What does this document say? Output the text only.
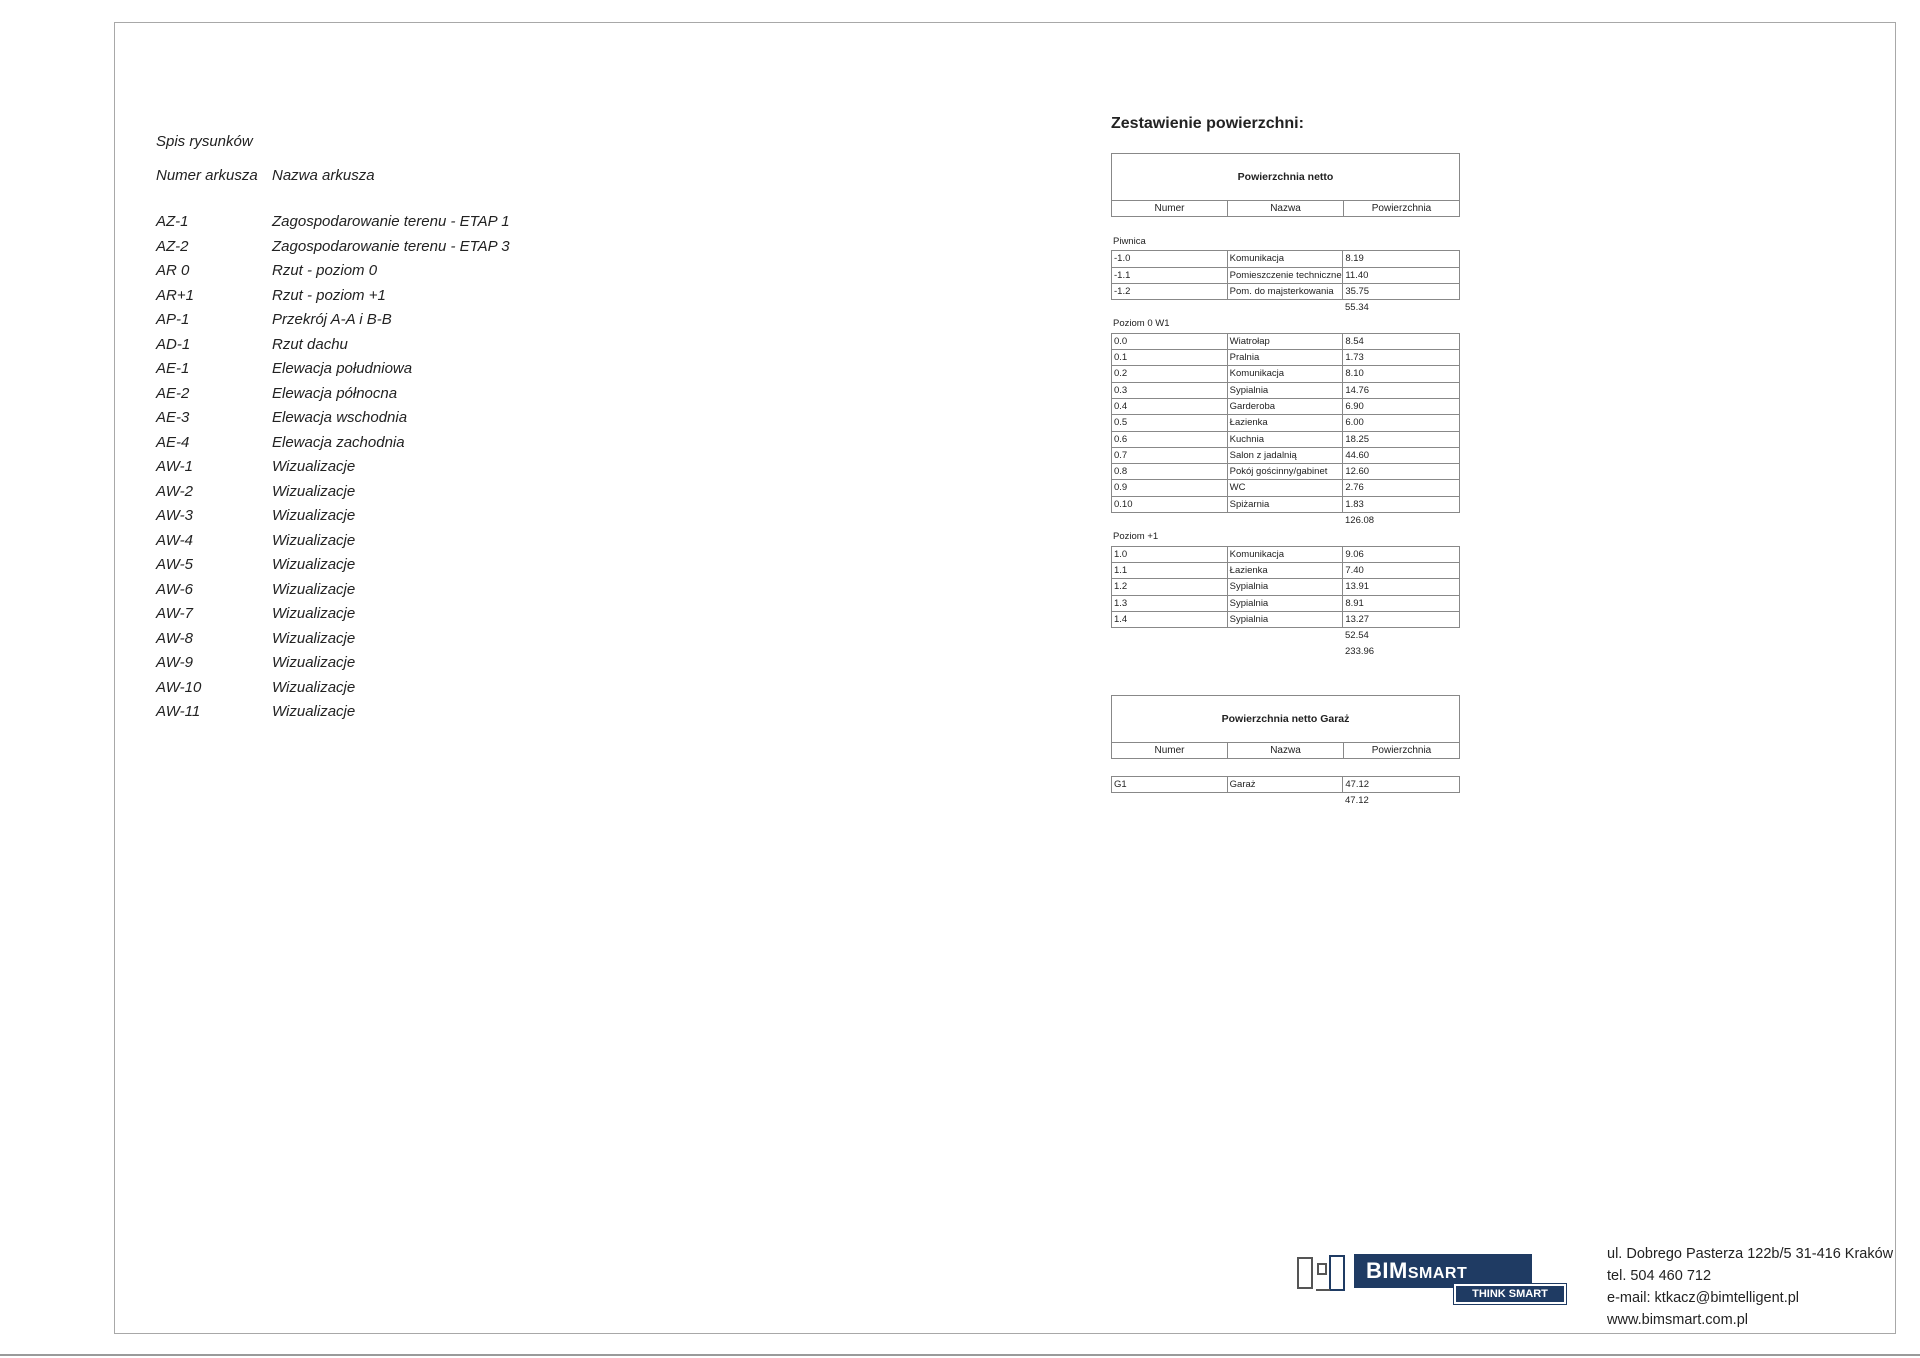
Spis rysunków
Numer arkusza Nazwa arkusza
AZ-1	Zagospodarowanie terenu - ETAP 1
AZ-2	Zagospodarowanie terenu - ETAP 3
AR 0	Rzut - poziom 0
AR+1	Rzut - poziom +1
AP-1	Przekrój A-A i B-B
AD-1	Rzut dachu
AE-1	Elewacja południowa
AE-2	Elewacja północna
AE-3	Elewacja wschodnia
AE-4	Elewacja zachodnia
AW-1	Wizualizacje
AW-2	Wizualizacje
AW-3	Wizualizacje
AW-4	Wizualizacje
AW-5	Wizualizacje
AW-6	Wizualizacje
AW-7	Wizualizacje
AW-8	Wizualizacje
AW-9	Wizualizacje
AW-10	Wizualizacje
AW-11	Wizualizacje
Zestawienie powierzchni:
Powierzchnia netto
Numer	Nazwa	Powierzchnia
Piwnica
-1.0	Komunikacja	8.19
-1.1	Pomieszczenie techniczne 11.40
-1.2	Pom. do majsterkowania	35.75
55.34
Poziom 0 W1
0.0	Wiatrołap	8.54
0.1	Pralnia	1.73
0.2	Komunikacja	8.10
0.3	Sypialnia	14.76
0.4	Garderoba	6.90
0.5	Łazienka	6.00
0.6	Kuchnia	18.25
0.7	Salon z jadalnią	44.60
0.8	Pokój gościnny/gabinet	12.60
0.9	WC	2.76
0.10	Spiżarnia	1.83
126.08
Poziom +1
1.0	Komunikacja	9.06
1.1	Łazienka	7.40
1.2	Sypialnia	13.91
1.3	Sypialnia	8.91
1.4	Sypialnia	13.27
52.54
233.96
Powierzchnia netto Garaż
Numer	Nazwa	Powierzchnia
G1	Garaż	47.12
47.12
BIMSMART
THINK SMART
ul. Dobrego Pasterza 122b/5 31-416 Kraków
tel. 504 460 712
e-mail: ktkacz@bimtelligent.pl
www.bimsmart.com.pl
